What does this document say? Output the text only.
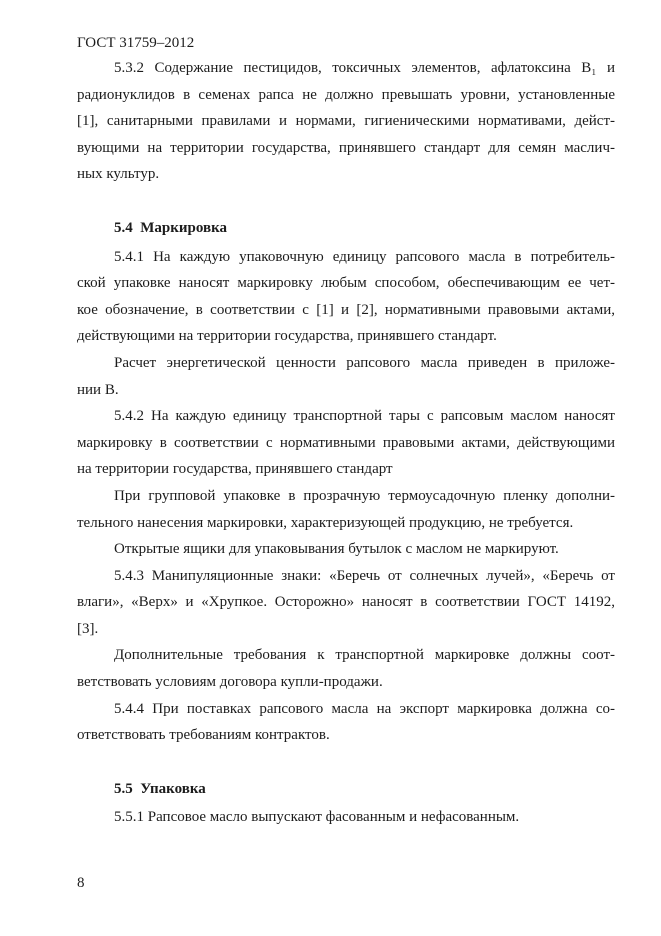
ГОСТ 31759–2012
5.3.2 Содержание пестицидов, токсичных элементов, афлатоксина В₁ и
радионуклидов в семенах рапса не должно превышать уровни, установленные
[1], санитарными правилами и нормами, гигиеническими нормативами, дейст-
вующими на территории государства, принявшего стандарт для семян маслич-
ных культур.
5.4  Маркировка
5.4.1 На каждую упаковочную единицу рапсового масла в потребитель-
ской упаковке наносят маркировку любым способом, обеспечивающим ее чет-
кое обозначение, в соответствии с [1] и [2], нормативными правовыми актами,
действующими на территории государства, принявшего стандарт.
Расчет энергетической ценности рапсового масла приведен в приложе-
нии В.
5.4.2 На каждую единицу транспортной тары с рапсовым маслом наносят
маркировку в соответствии с нормативными правовыми актами, действующими
на территории государства, принявшего стандарт
При групповой упаковке в прозрачную термоусадочную пленку дополни-
тельного нанесения маркировки, характеризующей продукцию, не требуется.
Открытые ящики для упаковывания бутылок с маслом не маркируют.
5.4.3 Манипуляционные знаки: «Беречь от солнечных лучей», «Беречь от
влаги», «Верх» и «Хрупкое. Осторожно» наносят в соответствии ГОСТ 14192,
[3].
Дополнительные требования к транспортной маркировке должны соот-
ветствовать условиям договора купли-продажи.
5.4.4 При поставках рапсового масла на экспорт маркировка должна со-
ответствовать требованиям контрактов.
5.5  Упаковка
5.5.1 Рапсовое масло выпускают фасованным и нефасованным.
8
